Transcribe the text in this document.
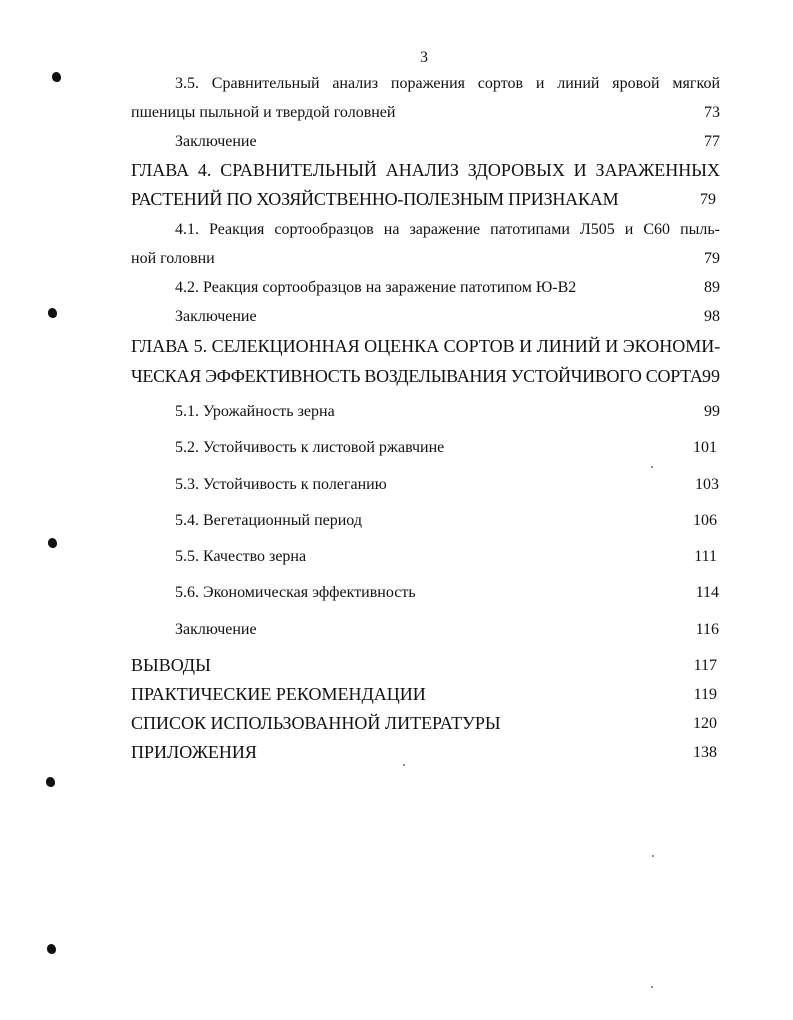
3
3.5. Сравнительный анализ поражения сортов и линий яровой мягкой
пшеницы пыльной и твердой головней	73
Заключение	77
ГЛАВА 4. СРАВНИТЕЛЬНЫЙ АНАЛИЗ ЗДОРОВЫХ И ЗАРАЖЕННЫХ
РАСТЕНИЙ ПО ХОЗЯЙСТВЕННО-ПОЛЕЗНЫМ ПРИЗНАКАМ	79
4.1. Реакция сортообразцов на заражение патотипами Л505 и С60 пыль-
ной головни	79
4.2. Реакция сортообразцов на заражение патотипом Ю-В2	89
Заключение	98
ГЛАВА 5. СЕЛЕКЦИОННАЯ ОЦЕНКА СОРТОВ И ЛИНИЙ И ЭКОНОМИ-
ЧЕСКАЯ ЭФФЕКТИВНОСТЬ ВОЗДЕЛЫВАНИЯ УСТОЙЧИВОГО СОРТА 99
5.1. Урожайность зерна	99
5.2. Устойчивость к листовой ржавчине	101
5.3. Устойчивость к полеганию	103
5.4. Вегетационный период	106
5.5. Качество зерна	111
5.6. Экономическая эффективность	114
Заключение	116
ВЫВОДЫ	117
ПРАКТИЧЕСКИЕ РЕКОМЕНДАЦИИ	119
СПИСОК ИСПОЛЬЗОВАННОЙ ЛИТЕРАТУРЫ	120
ПРИЛОЖЕНИЯ	138
